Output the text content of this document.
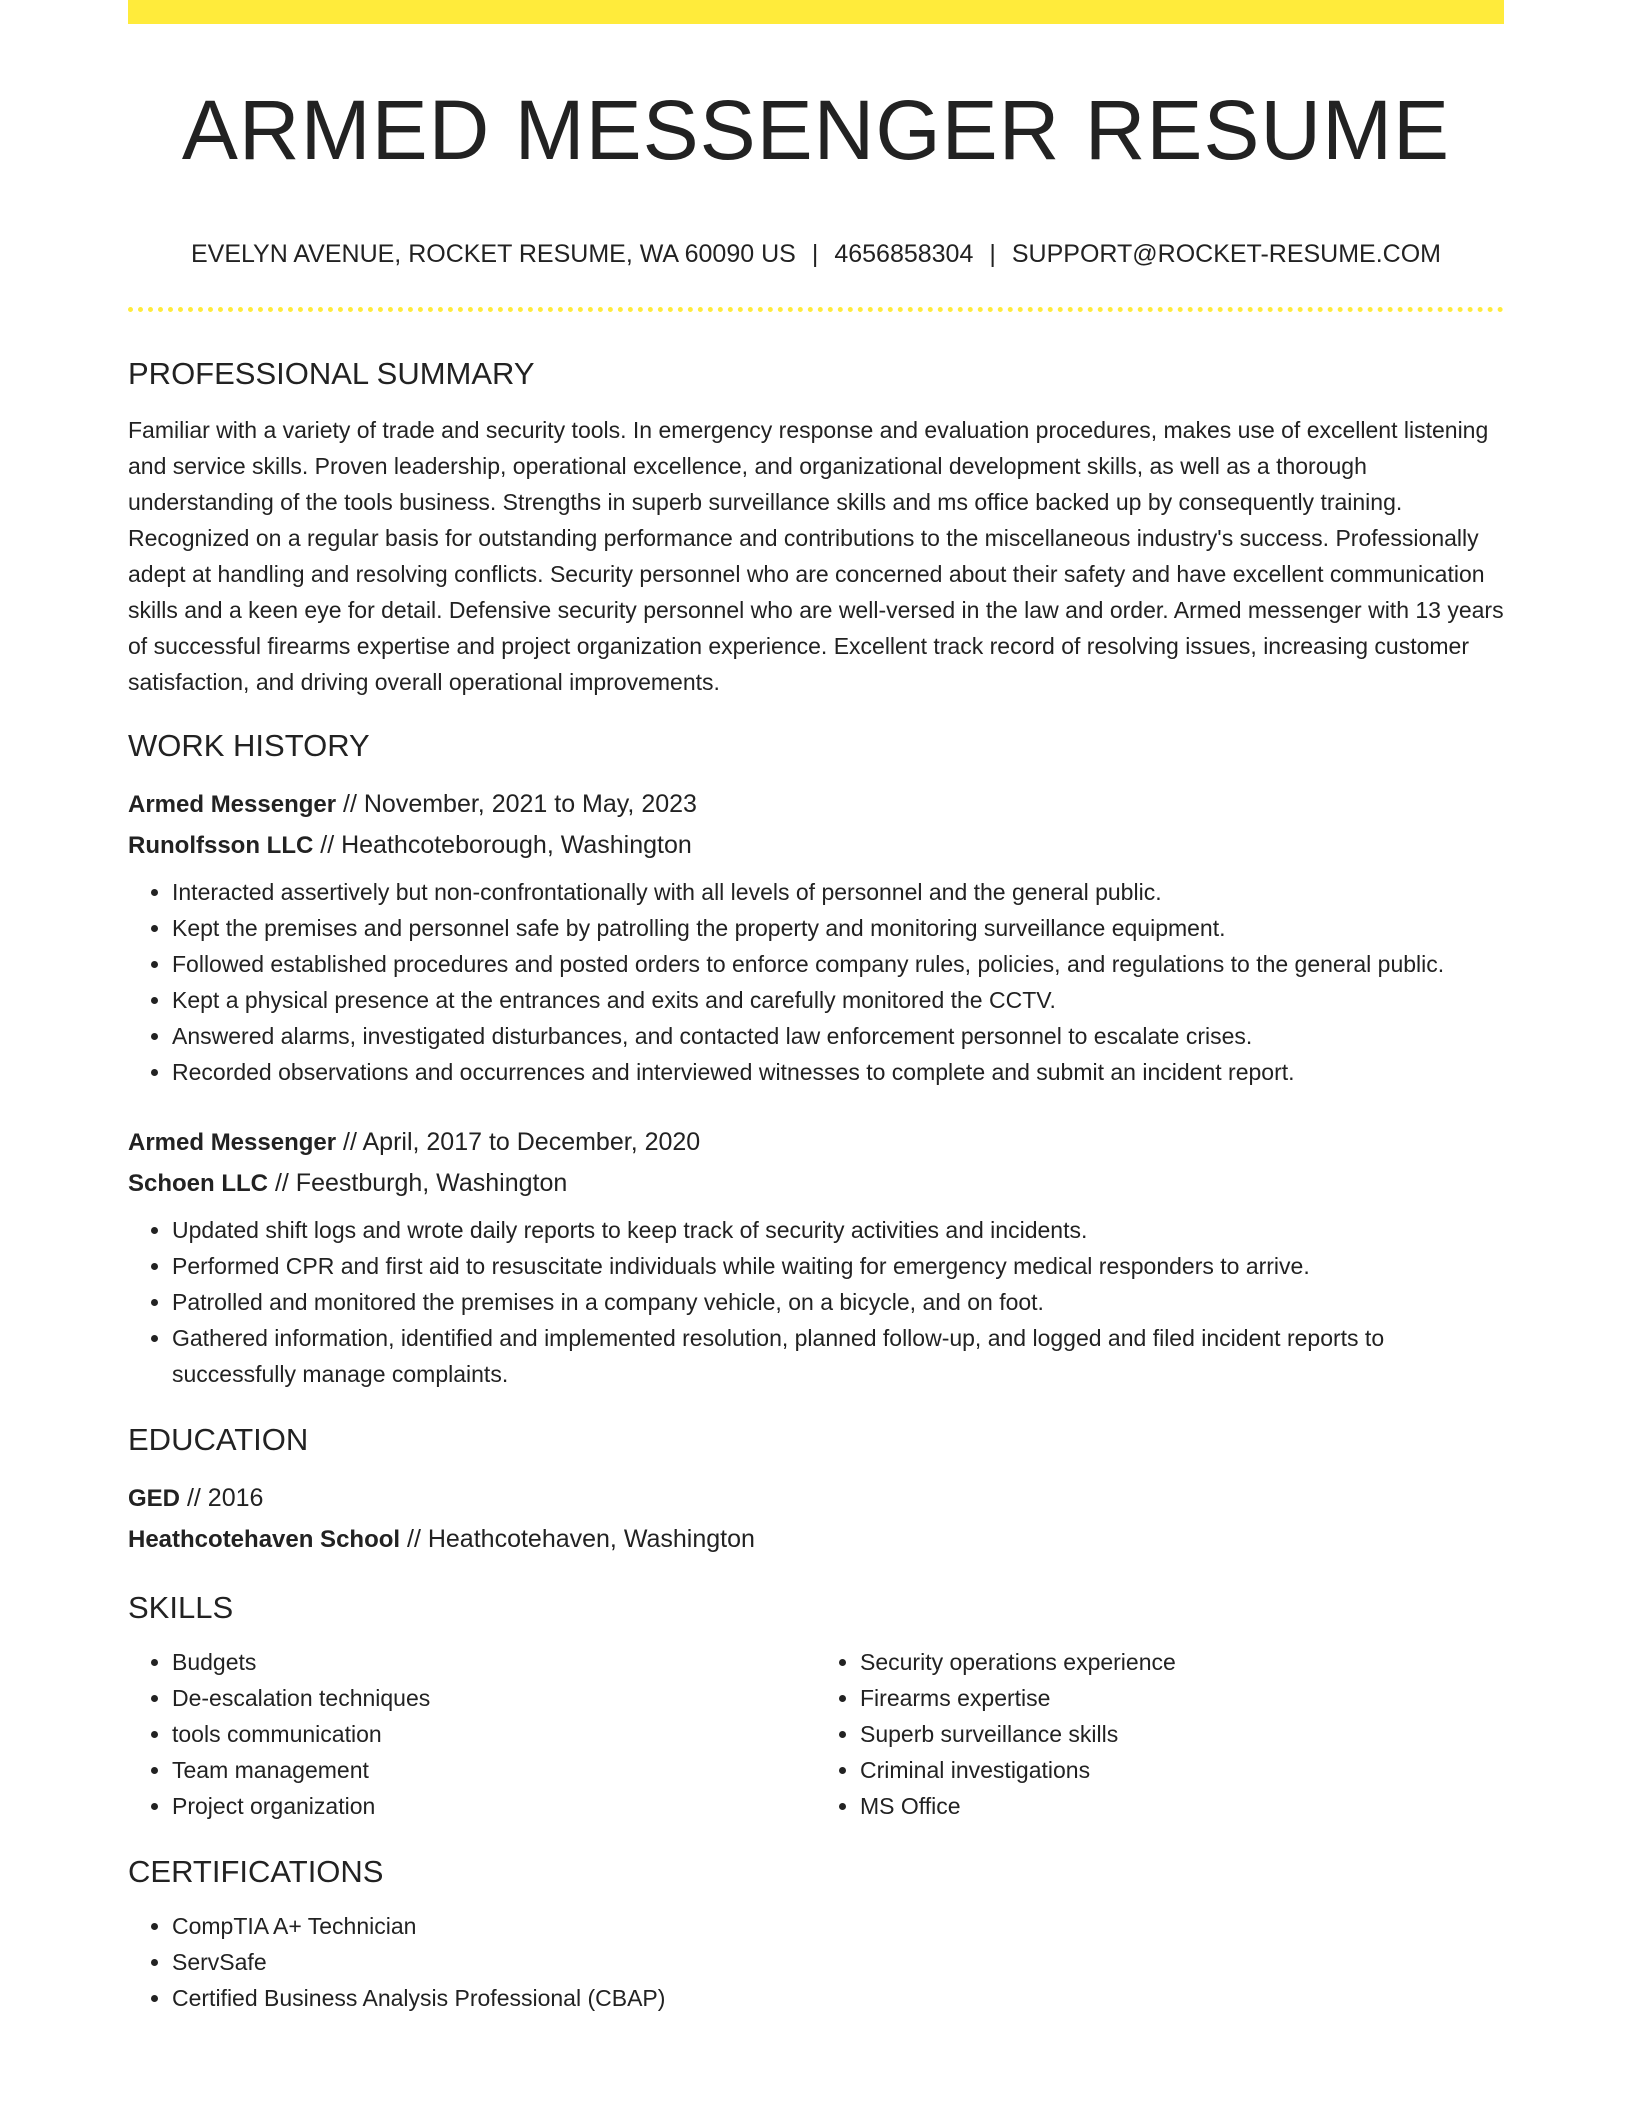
ARMED MESSENGER RESUME
EVELYN AVENUE, ROCKET RESUME, WA 60090 US | 4656858304 | SUPPORT@ROCKET-RESUME.COM
PROFESSIONAL SUMMARY

Familiar with a variety of trade and security tools. In emergency response and evaluation procedures, makes use of excellent listening and service skills. Proven leadership, operational excellence, and organizational development skills, as well as a thorough understanding of the tools business. Strengths in superb surveillance skills and ms office backed up by consequently training. Recognized on a regular basis for outstanding performance and contributions to the miscellaneous industry's success. Professionally adept at handling and resolving conflicts. Security personnel who are concerned about their safety and have excellent communication skills and a keen eye for detail. Defensive security personnel who are well-versed in the law and order. Armed messenger with 13 years of successful firearms expertise and project organization experience. Excellent track record of resolving issues, increasing customer satisfaction, and driving overall operational improvements.

WORK HISTORY
Armed Messenger // November, 2021 to May, 2023
Runolfsson LLC // Heathcoteborough, Washington
• Interacted assertively but non-confrontationally with all levels of personnel and the general public.
• Kept the premises and personnel safe by patrolling the property and monitoring surveillance equipment.
• Followed established procedures and posted orders to enforce company rules, policies, and regulations to the general public.
• Kept a physical presence at the entrances and exits and carefully monitored the CCTV.
• Answered alarms, investigated disturbances, and contacted law enforcement personnel to escalate crises.
• Recorded observations and occurrences and interviewed witnesses to complete and submit an incident report.
Armed Messenger // April, 2017 to December, 2020
Schoen LLC // Feestburgh, Washington
• Updated shift logs and wrote daily reports to keep track of security activities and incidents.
• Performed CPR and first aid to resuscitate individuals while waiting for emergency medical responders to arrive.
• Patrolled and monitored the premises in a company vehicle, on a bicycle, and on foot.
• Gathered information, identified and implemented resolution, planned follow-up, and logged and filed incident reports to successfully manage complaints.
EDUCATION
GED // 2016
Heathcotehaven School // Heathcotehaven, Washington
SKILLS
• Budgets
• De-escalation techniques
• tools communication
• Team management
• Project organization
• Security operations experience
• Firearms expertise
• Superb surveillance skills
• Criminal investigations
• MS Office
CERTIFICATIONS
• CompTIA A+ Technician
• ServSafe
• Certified Business Analysis Professional (CBAP)
